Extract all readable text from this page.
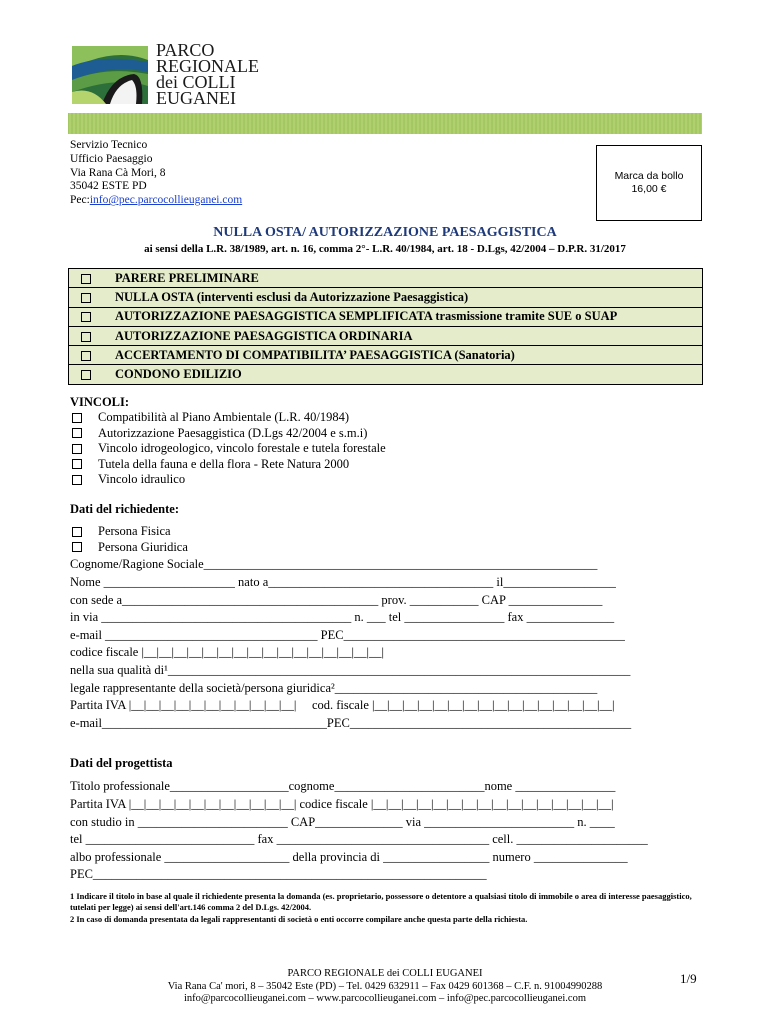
PARCO
REGIONALE
dei COLLI
EUGANEI
Servizio Tecnico
Ufficio Paesaggio
Via Rana Cà Mori, 8
35042 ESTE PD
Pec:info@pec.parcocollieuganei.com
Marca da bollo
16,00 €
NULLA OSTA/ AUTORIZZAZIONE PAESAGGISTICA
ai sensi della L.R. 38/1989, art. n. 16, comma 2°- L.R. 40/1984, art. 18 - D.Lgs, 42/2004 – D.P.R. 31/2017
PARERE PRELIMINARE
NULLA OSTA (interventi esclusi da Autorizzazione Paesaggistica)
AUTORIZZAZIONE PAESAGGISTICA SEMPLIFICATA trasmissione tramite SUE o SUAP
AUTORIZZAZIONE PAESAGGISTICA ORDINARIA
ACCERTAMENTO DI COMPATIBILITA’ PAESAGGISTICA (Sanatoria)
CONDONO EDILIZIO
VINCOLI:
Compatibilità al Piano Ambientale (L.R. 40/1984)
Autorizzazione Paesaggistica (D.Lgs 42/2004 e s.m.i)
Vincolo idrogeologico, vincolo forestale e tutela forestale
Tutela della fauna e della flora - Rete Natura 2000
Vincolo idraulico
Dati del richiedente:
Persona Fisica
Persona Giuridica
Cognome/Ragione Sociale_______________________________________________________________
Nome _____________________ nato a____________________________________ il__________________
con sede a_________________________________________ prov. ___________ CAP _______________
in via ________________________________________ n. ___ tel ________________ fax ______________
e-mail __________________________________ PEC_____________________________________________
codice fiscale |__|__|__|__|__|__|__|__|__|__|__|__|__|__|__|__|
nella sua qualità di¹__________________________________________________________________________
legale rappresentante della società/persona giuridica²__________________________________________
Partita IVA |__|__|__|__|__|__|__|__|__|__|__|     cod. fiscale |__|__|__|__|__|__|__|__|__|__|__|__|__|__|__|__|
e-mail____________________________________PEC_____________________________________________
Dati del progettista
Titolo professionale___________________cognome________________________nome ________________
Partita IVA |__|__|__|__|__|__|__|__|__|__|__| codice fiscale |__|__|__|__|__|__|__|__|__|__|__|__|__|__|__|__|
con studio in ________________________ CAP______________ via ________________________ n. ____
tel ___________________________ fax __________________________________ cell. _____________________
albo professionale ____________________ della provincia di _________________ numero _______________
PEC_______________________________________________________________
1 Indicare il titolo in base al quale il richiedente presenta la domanda (es. proprietario, possessore o detentore a qualsiasi titolo di immobile o area di interesse paesaggistico, tutelati per legge) ai sensi dell'art.146 comma 2 del D.Lgs. 42/2004.
2 In caso di domanda presentata da legali rappresentanti di società o enti occorre compilare anche questa parte della richiesta.
PARCO REGIONALE dei COLLI EUGANEI
Via Rana Ca' mori, 8 – 35042 Este (PD) – Tel. 0429 632911 – Fax 0429 601368 – C.F. n. 91004990288
info@parcocollieuganei.com – www.parcocollieuganei.com – info@pec.parcocollieuganei.com
1/9
